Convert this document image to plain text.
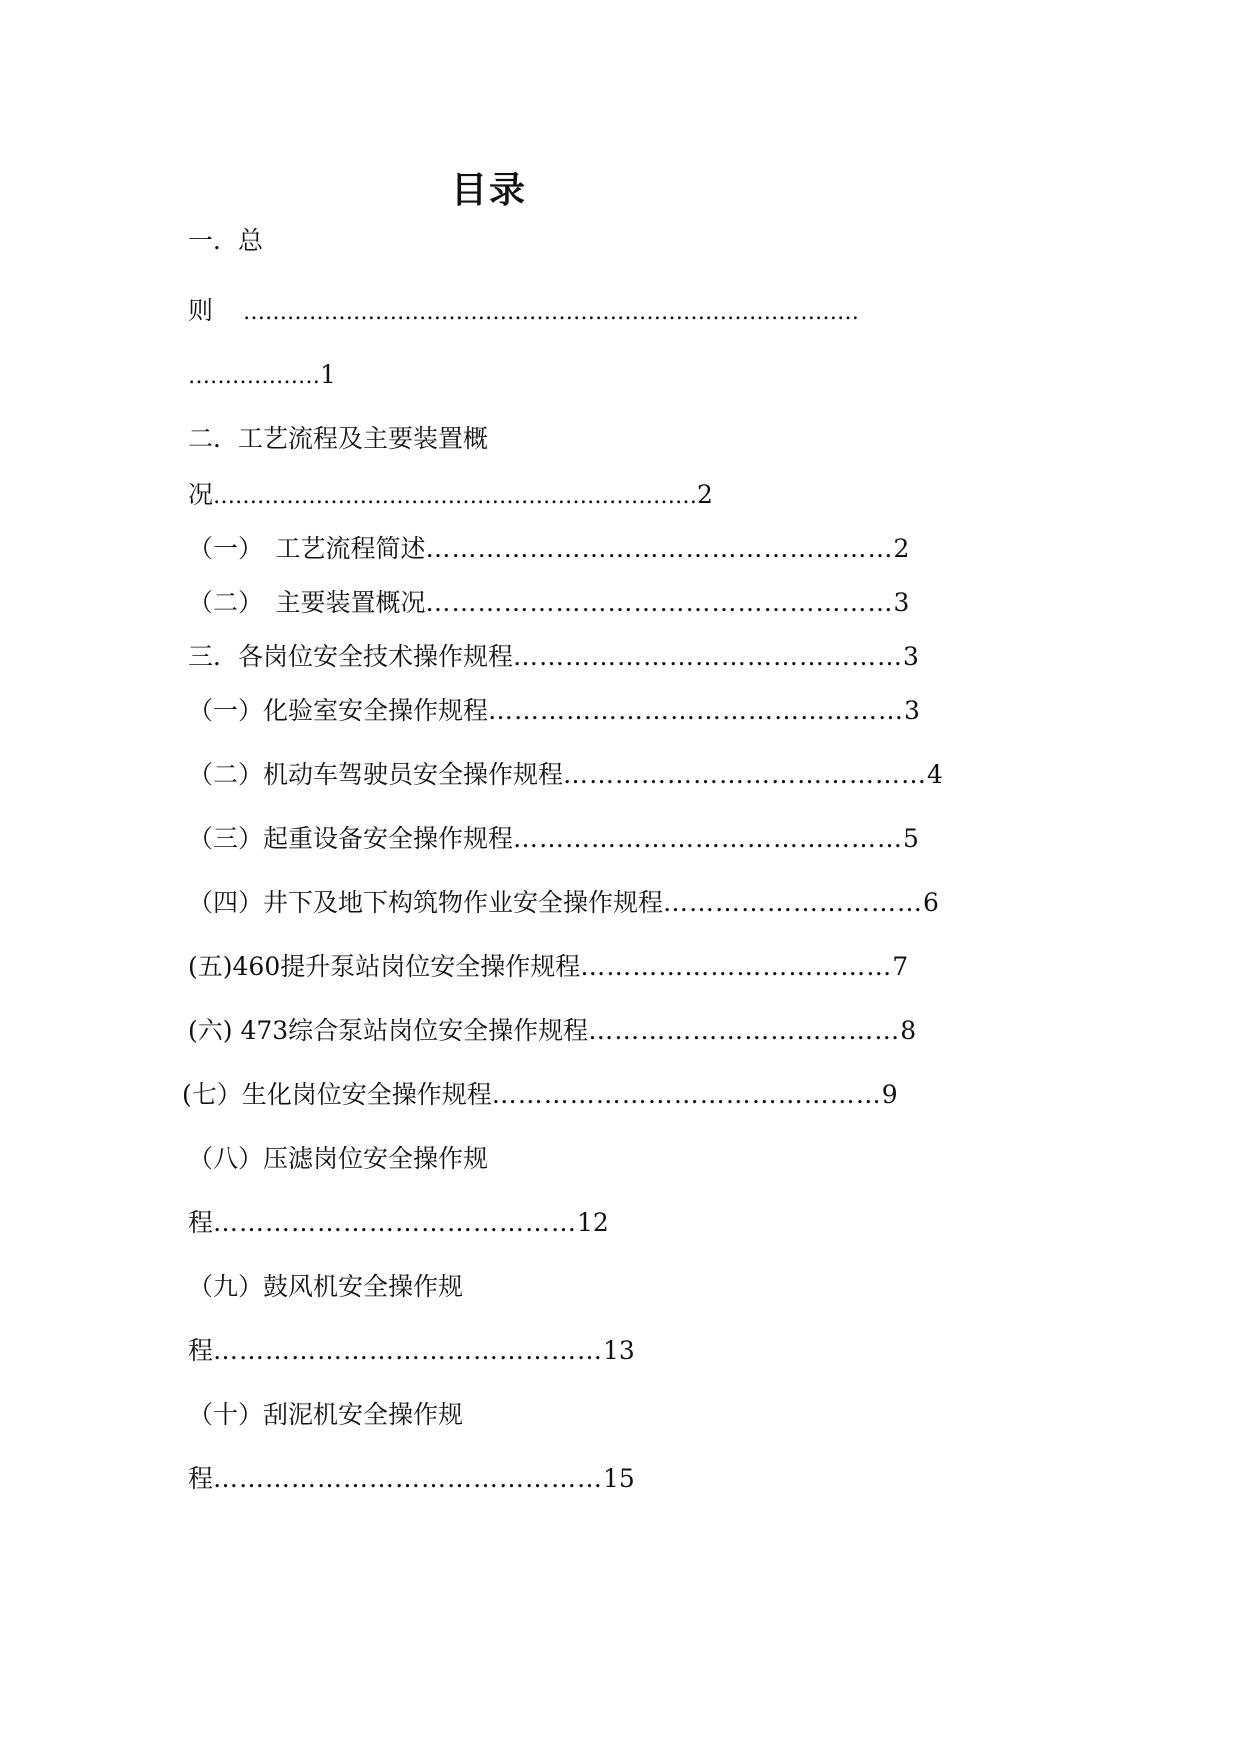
目录
一．总
则 …………………………………………………………………………
………………1
二．工艺流程及主要装置概
况…………………………………………………………2
（一）　工艺流程简述………………………………………………2
（二）　主要装置概况………………………………………………3
三．各岗位安全技术操作规程………………………………………3
（一）化验室安全操作规程…………………………………………3
（二）机动车驾驶员安全操作规程……………………………………4
（三）起重设备安全操作规程………………………………………5
（四）井下及地下构筑物作业安全操作规程…………………………6
(五)460提升泵站岗位安全操作规程………………………………7
(六) 473综合泵站岗位安全操作规程………………………………8
(七）生化岗位安全操作规程………………………………………9
（八）压滤岗位安全操作规
程……………………………………12
（九）鼓风机安全操作规
程………………………………………13
（十）刮泥机安全操作规
程………………………………………15
